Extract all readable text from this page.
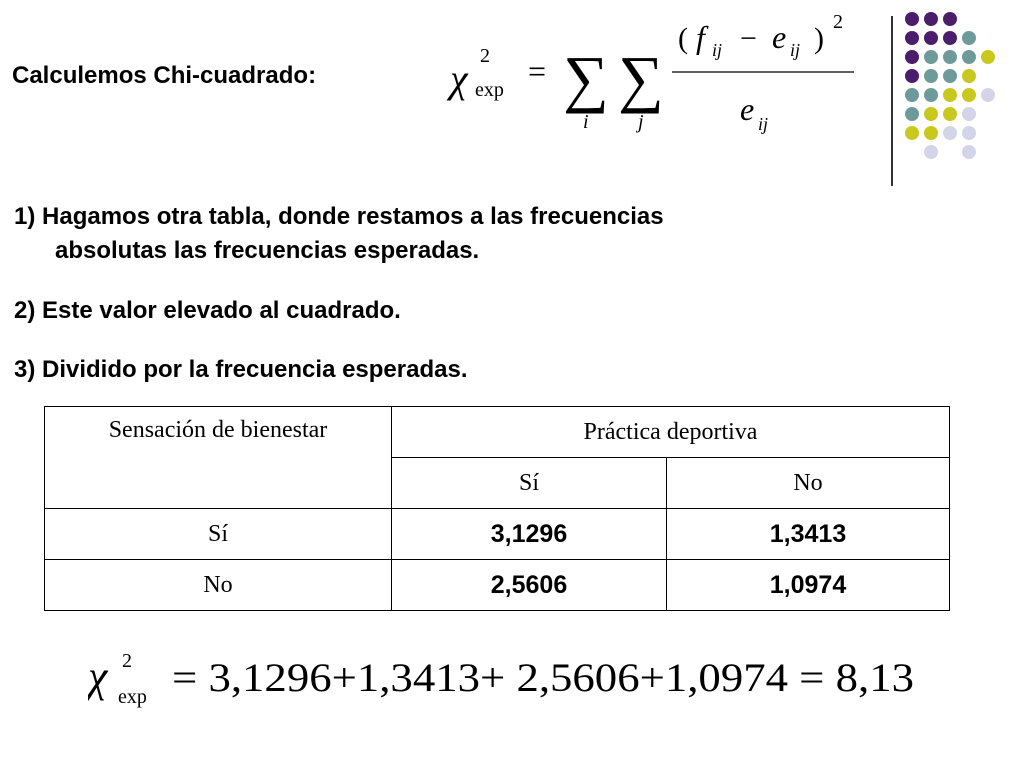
Calculemos Chi-cuadrado:	χ 2
exp
= ∑ ∑
i j
( f ij − e ij ) 2
e ij
1) Hagamos otra tabla, donde restamos a las frecuencias
absolutas las frecuencias esperadas.
2) Este valor elevado al cuadrado.
3) Dividido por la frecuencia esperadas.
Sensación de bienestar	Práctica deportiva	
	Sí	No
Sí	3,1296	1,3413
No	2,5606	1,0974
χ 2
exp = 3,1296+1,3413+ 2,5606+1,0974 = 8,13
